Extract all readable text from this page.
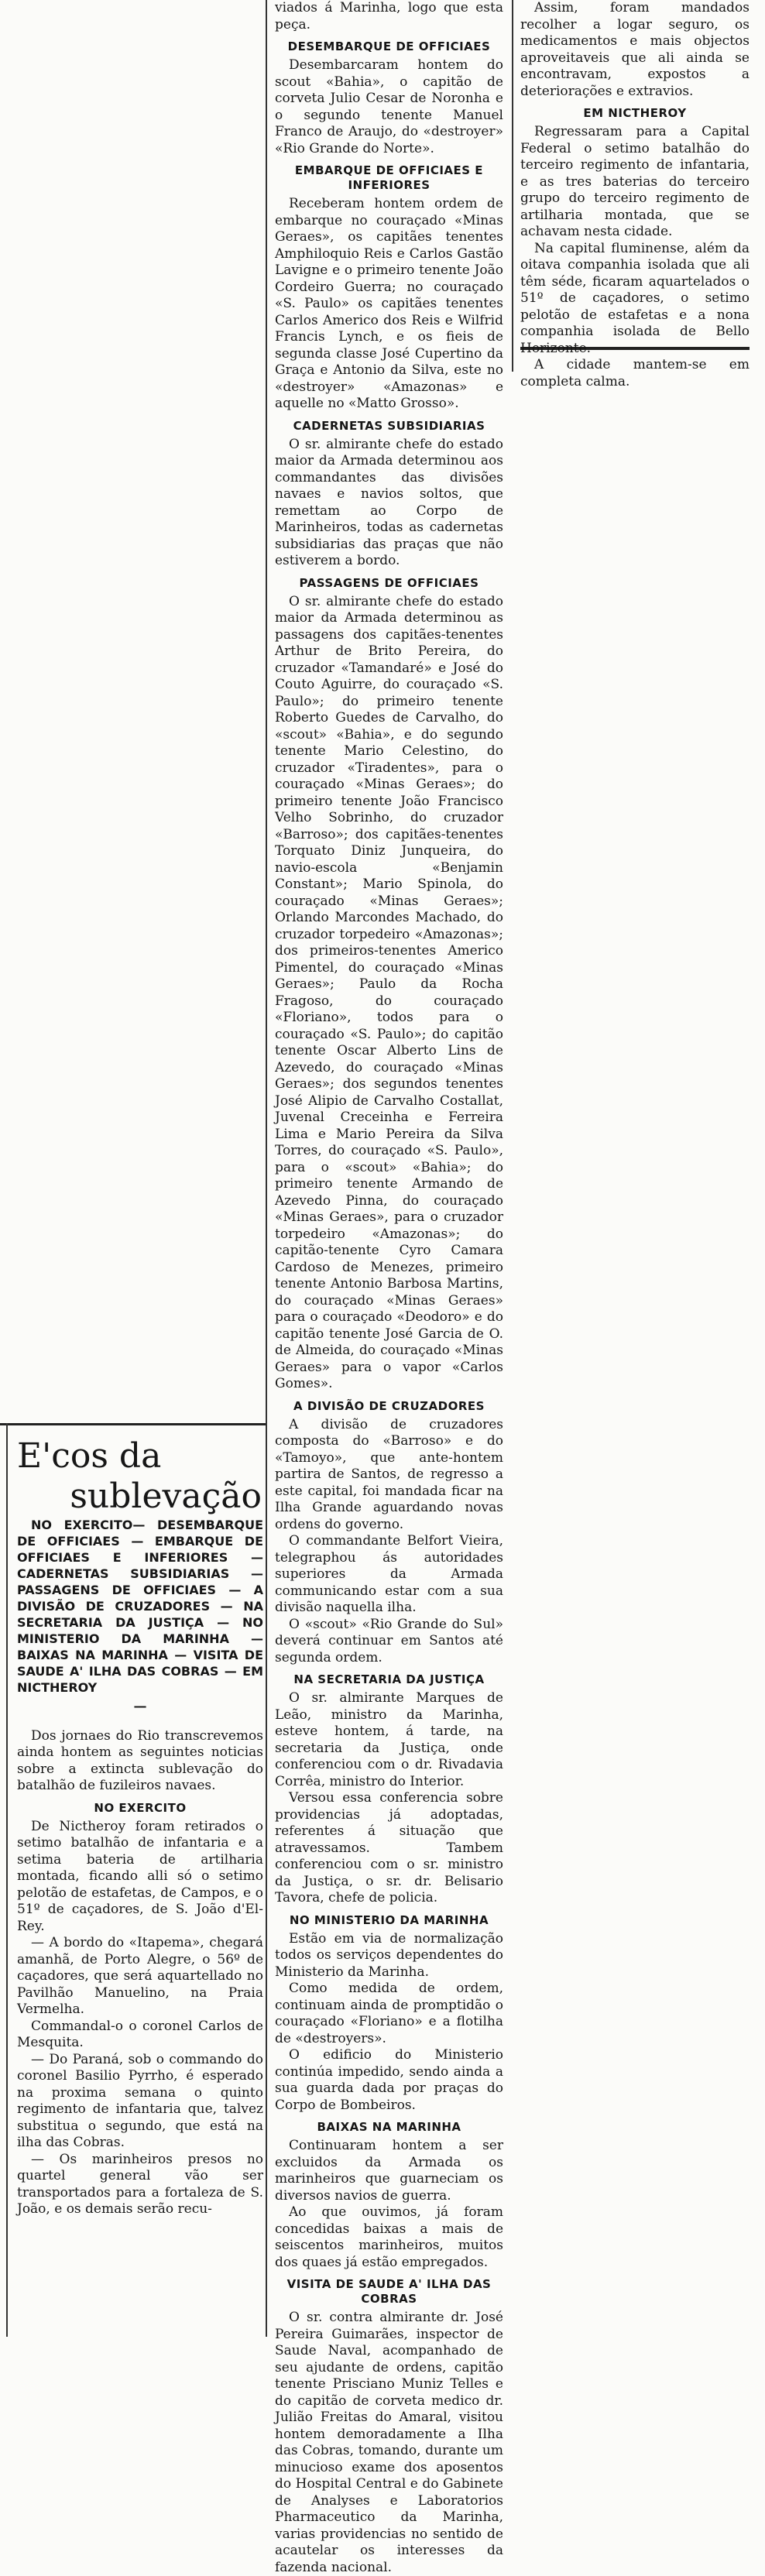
E'cos da
sublevação

NO EXERCITO— DESEMBARQUE DE OFFICIAES — EMBARQUE DE OFFICIAES E INFERIORES — CADERNETAS SUBSIDIARIAS — PASSAGENS DE OFFICIAES — A DIVISÃO DE CRUZADORES — NA SECRETARIA DA JUSTIÇA — NO MINISTERIO DA MARINHA — BAIXAS NA MARINHA — VISITA DE SAUDE A' ILHA DAS COBRAS — EM NICTHEROY

—

Dos jornaes do Rio transcrevemos ainda hontem as seguintes noticias sobre a extincta sublevação do batalhão de fuzileiros navaes.

NO EXERCITO

De Nictheroy foram retirados o setimo batalhão de infantaria e a setima bateria de artilharia montada, ficando alli só o setimo pelotão de estafetas, de Campos, e o 51º de caçadores, de S. João d'El-Rey.

— A bordo do «Itapema», chegará amanhã, de Porto Alegre, o 56º de caçadores, que será aquartellado no Pavilhão Manuelino, na Praia Vermelha.

Commandal-o o coronel Carlos de Mesquita.

— Do Paraná, sob o commando do coronel Basilio Pyrrho, é esperado na proxima semana o quinto regimento de infantaria que, talvez substitua o segundo, que está na ilha das Cobras.

— Os marinheiros presos no quartel general vão ser transportados para a fortaleza de S. João, e os demais serão recu-

viados á Marinha, logo que esta peça.

DESEMBARQUE DE OFFICIAES

Desembarcaram hontem do scout «Bahia», o capitão de corveta Julio Cesar de Noronha e o segundo tenente Manuel Franco de Araujo, do «destroyer» «Rio Grande do Norte».

EMBARQUE DE OFFICIAES E INFERIORES

Receberam hontem ordem de embarque no couraçado «Minas Geraes», os capitães tenentes Amphiloquio Reis e Carlos Gastão Lavigne e o primeiro tenente João Cordeiro Guerra; no couraçado «S. Paulo» os capitães tenentes Carlos Americo dos Reis e Wilfrid Francis Lynch, e os fieis de segunda classe José Cupertino da Graça e Antonio da Silva, este no «destroyer» «Amazonas» e aquelle no «Matto Grosso».

CADERNETAS SUBSIDIARIAS

O sr. almirante chefe do estado maior da Armada determinou aos commandantes das divisões navaes e navios soltos, que remettam ao Corpo de Marinheiros, todas as cadernetas subsidiarias das praças que não estiverem a bordo.

PASSAGENS DE OFFICIAES

O sr. almirante chefe do estado maior da Armada determinou as passagens dos capitães-tenentes Arthur de Brito Pereira, do cruzador «Tamandaré» e José do Couto Aguirre, do couraçado «S. Paulo»; do primeiro tenente Roberto Guedes de Carvalho, do «scout» «Bahia», e do segundo tenente Mario Celestino, do cruzador «Tiradentes», para o couraçado «Minas Geraes»; do primeiro tenente João Francisco Velho Sobrinho, do cruzador «Barroso»; dos capitães-tenentes Torquato Diniz Junqueira, do navio-escola «Benjamin Constant»; Mario Spinola, do couraçado «Minas Geraes»; Orlando Marcondes Machado, do cruzador torpedeiro «Amazonas»; dos primeiros-tenentes Americo Pimentel, do couraçado «Minas Geraes»; Paulo da Rocha Fragoso, do couraçado «Floriano», todos para o couraçado «S. Paulo»; do capitão tenente Oscar Alberto Lins de Azevedo, do couraçado «Minas Geraes»; dos segundos tenentes José Alipio de Carvalho Costallat, Juvenal Creceinha e Ferreira Lima e Mario Pereira da Silva Torres, do couraçado «S. Paulo», para o «scout» «Bahia»; do primeiro tenente Armando de Azevedo Pinna, do couraçado «Minas Geraes», para o cruzador torpedeiro «Amazonas»; do capitão-tenente Cyro Camara Cardoso de Menezes, primeiro tenente Antonio Barbosa Martins, do couraçado «Minas Geraes» para o couraçado «Deodoro» e do capitão tenente José Garcia de O. de Almeida, do couraçado «Minas Geraes» para o vapor «Carlos Gomes».

A DIVISÃO DE CRUZADORES

A divisão de cruzadores composta do «Barroso» e do «Tamoyo», que ante-hontem partira de Santos, de regresso a este capital, foi mandada ficar na Ilha Grande aguardando novas ordens do governo.

O commandante Belfort Vieira, telegraphou ás autoridades superiores da Armada communicando estar com a sua divisão naquella ilha.

O «scout» «Rio Grande do Sul» deverá continuar em Santos até segunda ordem.

NA SECRETARIA DA JUSTIÇA

O sr. almirante Marques de Leão, ministro da Marinha, esteve hontem, á tarde, na secretaria da Justiça, onde conferenciou com o dr. Rivadavia Corrêa, ministro do Interior.

Versou essa conferencia sobre providencias já adoptadas, referentes á situação que atravessamos. Tambem conferenciou com o sr. ministro da Justiça, o sr. dr. Belisario Tavora, chefe de policia.

NO MINISTERIO DA MARINHA

Estão em via de normalização todos os serviços dependentes do Ministerio da Marinha.

Como medida de ordem, continuam ainda de promptidão o couraçado «Floriano» e a flotilha de «destroyers».

O edificio do Ministerio continúa impedido, sendo ainda a sua guarda dada por praças do Corpo de Bombeiros.

BAIXAS NA MARINHA

Continuaram hontem a ser excluidos da Armada os marinheiros que guarneciam os diversos navios de guerra.

Ao que ouvimos, já foram concedidas baixas a mais de seiscentos marinheiros, muitos dos quaes já estão empregados.

VISITA DE SAUDE A' ILHA DAS COBRAS

O sr. contra almirante dr. José Pereira Guimarães, inspector de Saude Naval, acompanhado de seu ajudante de ordens, capitão tenente Prisciano Muniz Telles e do capitão de corveta medico dr. Julião Freitas do Amaral, visitou hontem demoradamente a Ilha das Cobras, tomando, durante um minucioso exame dos aposentos do Hospital Central e do Gabinete de Analyses e Laboratorios Pharmaceutico da Marinha, varias providencias no sentido de acautelar os interesses da fazenda nacional.

Assim, foram mandados recolher a logar seguro, os medicamentos e mais objectos aproveitaveis que ali ainda se encontravam, expostos a deteriorações e extravios.

EM NICTHEROY

Regressaram para a Capital Federal o setimo batalhão do terceiro regimento de infantaria, e as tres baterias do terceiro grupo do terceiro regimento de artilharia montada, que se achavam nesta cidade.

Na capital fluminense, além da oitava companhia isolada que ali têm séde, ficaram aquartelados o 51º de caçadores, o setimo pelotão de estafetas e a nona companhia isolada de Bello Horizonte.

A cidade mantem-se em completa calma.
